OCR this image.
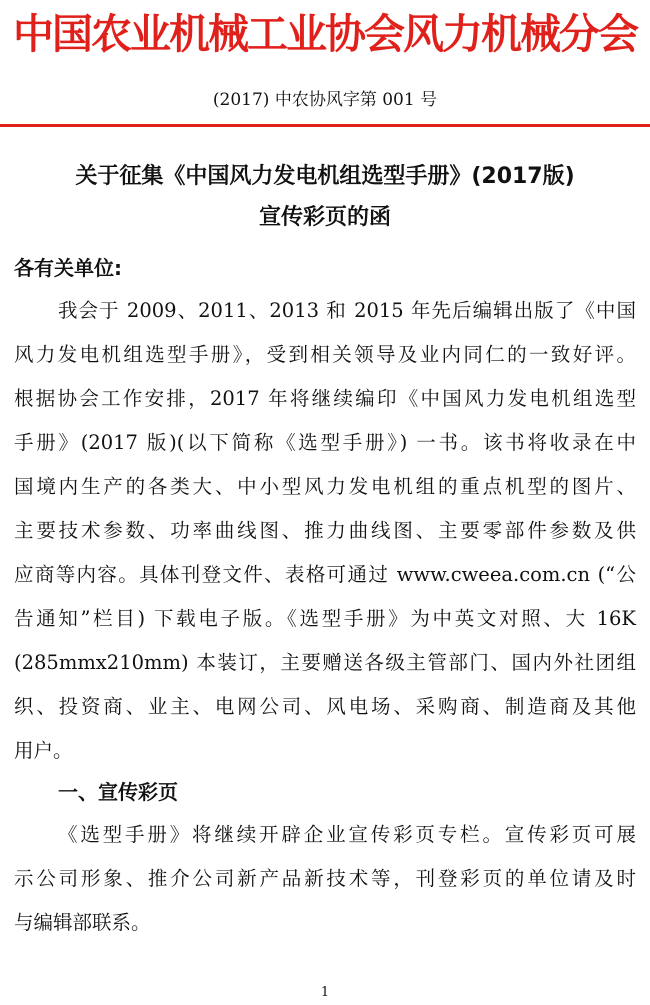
中国农业机械工业协会风力机械分会
(2017) 中农协风字第 001 号
关于征集《中国风力发电机组选型手册》(2017版)
宣传彩页的函
各有关单位:
我会于 2009、2011、2013 和 2015 年先后编辑出版了《中国
风力发电机组选型手册》，受到相关领导及业内同仁的一致好评。
根据协会工作安排，2017 年将继续编印《中国风力发电机组选型
手册》(2017 版)(以下简称《选型手册》) 一书。该书将收录在中
国境内生产的各类大、中小型风力发电机组的重点机型的图片、
主要技术参数、功率曲线图、推力曲线图、主要零部件参数及供
应商等内容。具体刊登文件、表格可通过 www.cweea.com.cn (“公
告通知”栏目) 下载电子版。《选型手册》为中英文对照、大 16K
(285mmx210mm) 本装订，主要赠送各级主管部门、国内外社团组
织、投资商、业主、电网公司、风电场、采购商、制造商及其他
用户。
一、宣传彩页
《选型手册》将继续开辟企业宣传彩页专栏。宣传彩页可展
示公司形象、推介公司新产品新技术等，刊登彩页的单位请及时
与编辑部联系。
1
